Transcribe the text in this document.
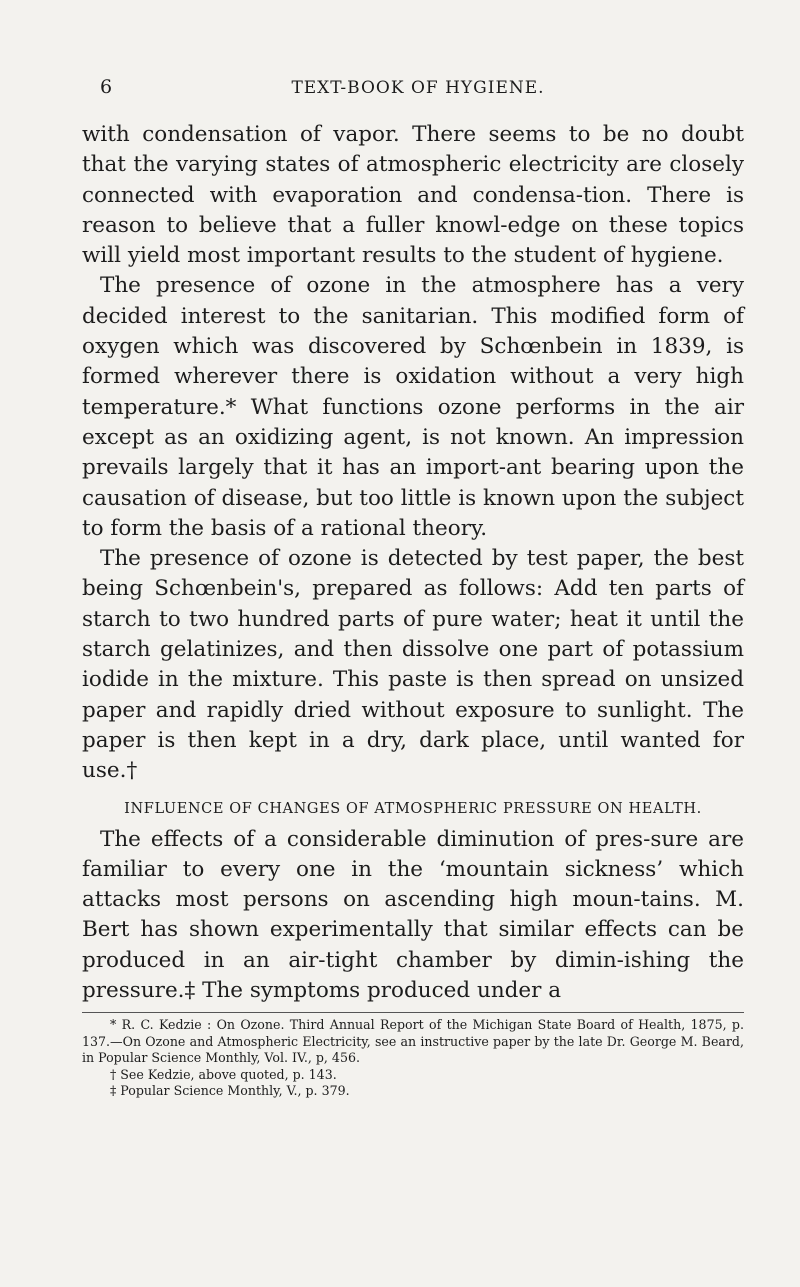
6	TEXT-BOOK OF HYGIENE.

with condensation of vapor. There seems to be no doubt that the varying states of atmospheric electricity are closely connected with evaporation and condensa-tion. There is reason to believe that a fuller knowl-edge on these topics will yield most important results to the student of hygiene.

The presence of ozone in the atmosphere has a very decided interest to the sanitarian. This modified form of oxygen which was discovered by Schœnbein in 1839, is formed wherever there is oxidation without a very high temperature.* What functions ozone performs in the air except as an oxidizing agent, is not known. An impression prevails largely that it has an import-ant bearing upon the causation of disease, but too little is known upon the subject to form the basis of a rational theory.

The presence of ozone is detected by test paper, the best being Schœnbein's, prepared as follows: Add ten parts of starch to two hundred parts of pure water; heat it until the starch gelatinizes, and then dissolve one part of potassium iodide in the mixture. This paste is then spread on unsized paper and rapidly dried without exposure to sunlight. The paper is then kept in a dry, dark place, until wanted for use.†

INFLUENCE OF CHANGES OF ATMOSPHERIC PRESSURE ON HEALTH.

The effects of a considerable diminution of pres-sure are familiar to every one in the ‘mountain sickness’ which attacks most persons on ascending high moun-tains. M. Bert has shown experimentally that similar effects can be produced in an air-tight chamber by dimin-ishing the pressure.‡ The symptoms produced under a

* R. C. Kedzie : On Ozone. Third Annual Report of the Michigan State Board of Health, 1875, p. 137.—On Ozone and Atmospheric Electricity, see an instructive paper by the late Dr. George M. Beard, in Popular Science Monthly, Vol. IV., p, 456.

† See Kedzie, above quoted, p. 143.

‡ Popular Science Monthly, V., p. 379.
